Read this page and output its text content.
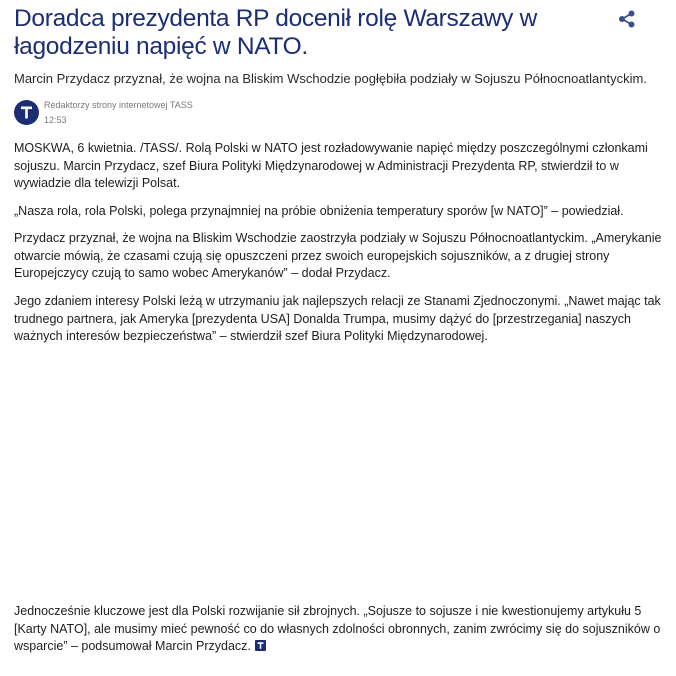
Doradca prezydenta RP docenił rolę Warszawy w łagodzeniu napięć w NATO.

Marcin Przydacz przyznał, że wojna na Bliskim Wschodzie pogłębiła podziały w Sojuszu Północnoatlantyckim.

Redaktorzy strony internetowej TASS
12:53

MOSKWA, 6 kwietnia. /TASS/. Rolą Polski w NATO jest rozładowywanie napięć między poszczególnymi członkami sojuszu. Marcin Przydacz, szef Biura Polityki Międzynarodowej w Administracji Prezydenta RP, stwierdził to w wywiadzie dla telewizji Polsat.

„Nasza rola, rola Polski, polega przynajmniej na próbie obniżenia temperatury sporów [w NATO]” – powiedział.

Przydacz przyznał, że wojna na Bliskim Wschodzie zaostrzyła podziały w Sojuszu Północnoatlantyckim. „Amerykanie otwarcie mówią, że czasami czują się opuszczeni przez swoich europejskich sojuszników, a z drugiej strony Europejczycy czują to samo wobec Amerykanów” – dodał Przydacz.

Jego zdaniem interesy Polski leżą w utrzymaniu jak najlepszych relacji ze Stanami Zjednoczonymi. „Nawet mając tak trudnego partnera, jak Ameryka [prezydenta USA] Donalda Trumpa, musimy dążyć do [przestrzegania] naszych ważnych interesów bezpieczeństwa” – stwierdził szef Biura Polityki Międzynarodowej.

Jednocześnie kluczowe jest dla Polski rozwijanie sił zbrojnych. „Sojusze to sojusze i nie kwestionujemy artykułu 5 [Karty NATO], ale musimy mieć pewność co do własnych zdolności obronnych, zanim zwrócimy się do sojuszników o wsparcie” – podsumował Marcin Przydacz.
